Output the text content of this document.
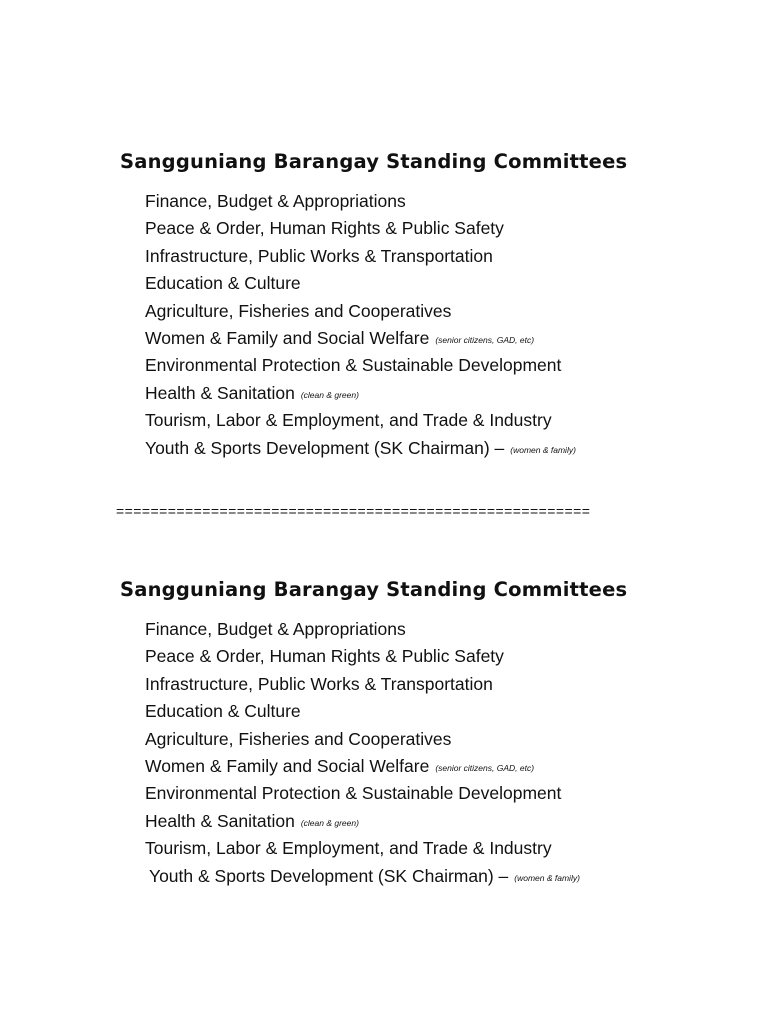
Sangguniang Barangay Standing Committees
Finance, Budget & Appropriations
Peace & Order, Human Rights & Public Safety
Infrastructure, Public Works & Transportation
Education & Culture
Agriculture, Fisheries and Cooperatives
Women & Family and Social Welfare (senior citizens, GAD, etc)
Environmental Protection & Sustainable Development
Health & Sanitation (clean & green)
Tourism, Labor & Employment, and Trade & Industry
Youth & Sports Development (SK Chairman) – (women & family)
=======================================================
Sangguniang Barangay Standing Committees
Finance, Budget & Appropriations
Peace & Order, Human Rights & Public Safety
Infrastructure, Public Works & Transportation
Education & Culture
Agriculture, Fisheries and Cooperatives
Women & Family and Social Welfare (senior citizens, GAD, etc)
Environmental Protection & Sustainable Development
Health & Sanitation (clean & green)
Tourism, Labor & Employment, and Trade & Industry
Youth & Sports Development (SK Chairman) – (women & family)
